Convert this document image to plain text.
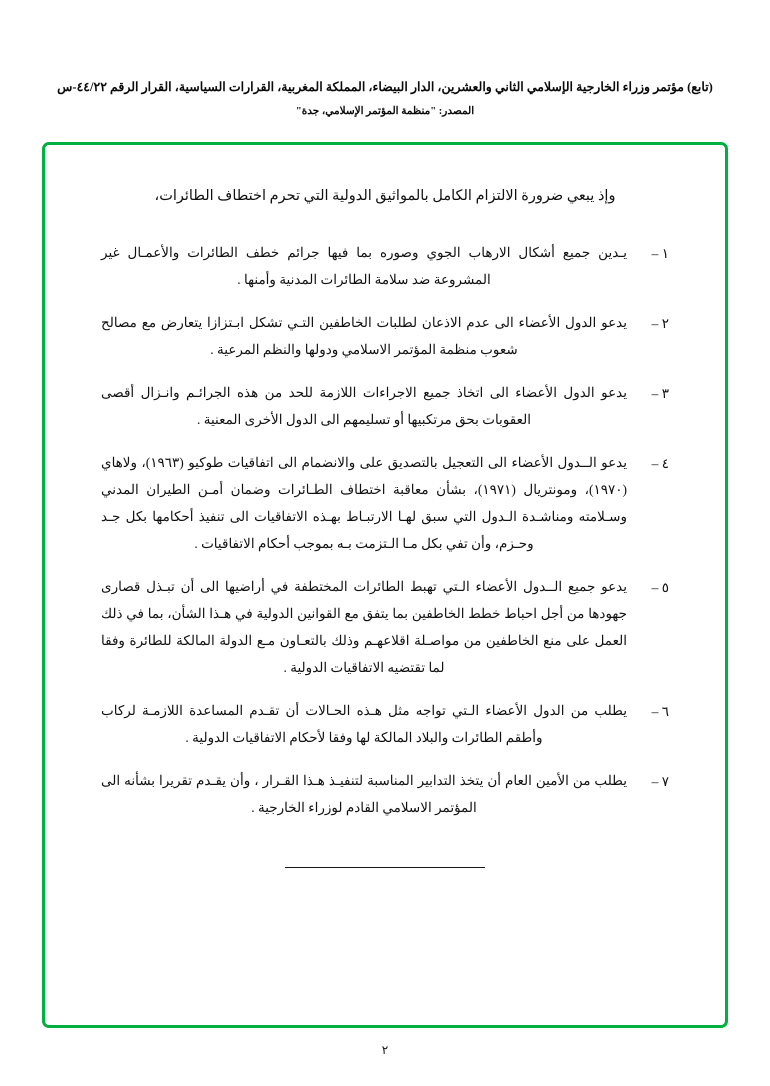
(تابع) مؤتمر وزراء الخارجية الإسلامي الثاني والعشرين، الدار البيضاء، المملكة المغربية، القرارات السياسية، القرار الرقم ٤٤/٢٢-س
المصدر: "منظمة المؤتمر الإسلامي، جدة"
وإذ يبعي ضرورة الالتزام الكامل بالمواثيق الدولية التي تحرم اختطاف الطائرات،
١ –
يـدين جميع أشكال الارهاب الجوي وصوره بما فيها جرائم خطف الطائرات والأعمـال غير المشروعة ضد سلامة الطائرات المدنية وأمنها .
٢ –
يدعو الدول الأعضاء الى عدم الاذعان لطلبات الخاطفين التـي تشكل ابـتزازا يتعارض مع مصالح شعوب منظمة المؤتمر الاسلامي ودولها والنظم المرعية .
٣ –
يدعو الدول الأعضاء الى اتخاذ جميع الاجراءات اللازمة للحد من هذه الجرائـم وانـزال أقصى العقوبات بحق مرتكبيها أو تسليمهم الى الدول الأخرى المعنية .
٤ –
يدعو الــدول الأعضاء الى التعجيل بالتصديق على والانضمام الى اتفاقيات طوكيو (١٩٦٣)، ولاهاي (١٩٧٠)، ومونتريال (١٩٧١)، بشأن معاقبة اختطاف الطـائرات وضمان أمـن الطيران المدني وسـلامته ومناشـدة الـدول التي سبق لهـا الارتبـاط بهـذه الاتفاقيات الى تنفيذ أحكامها بكل جـد وحـزم، وأن تفي بكل مـا الـتزمت بـه بموجب أحكام الاتفاقيات .
٥ –
يدعو جميع الــدول الأعضاء الـتي تهبط الطائرات المختطفة في أراضيها الى أن تبـذل قصارى جهودها من أجل احباط خطط الخاطفين بما يتفق مع القوانين الدولية في هـذا الشأن، بما في ذلك العمل على منع الخاطفين من مواصـلة اقلاعهـم وذلك بالتعـاون مـع الدولة المالكة للطائرة وفقا لما تقتضيه الاتفاقيات الدولية .
٦ –
يطلب من الدول الأعضاء الـتي تواجه مثل هـذه الحـالات أن تقـدم المساعدة اللازمـة لركاب وأطقم الطائرات والبلاد المالكة لها وفقا لأحكام الاتفاقيات الدولية .
٧ –
يطلب من الأمين العام أن يتخذ التدابير المناسبة لتنفيـذ هـذا القـرار ، وأن يقـدم تقريرا بشأنه الى المؤتمر الاسلامي القادم لوزراء الخارجية .
٢
